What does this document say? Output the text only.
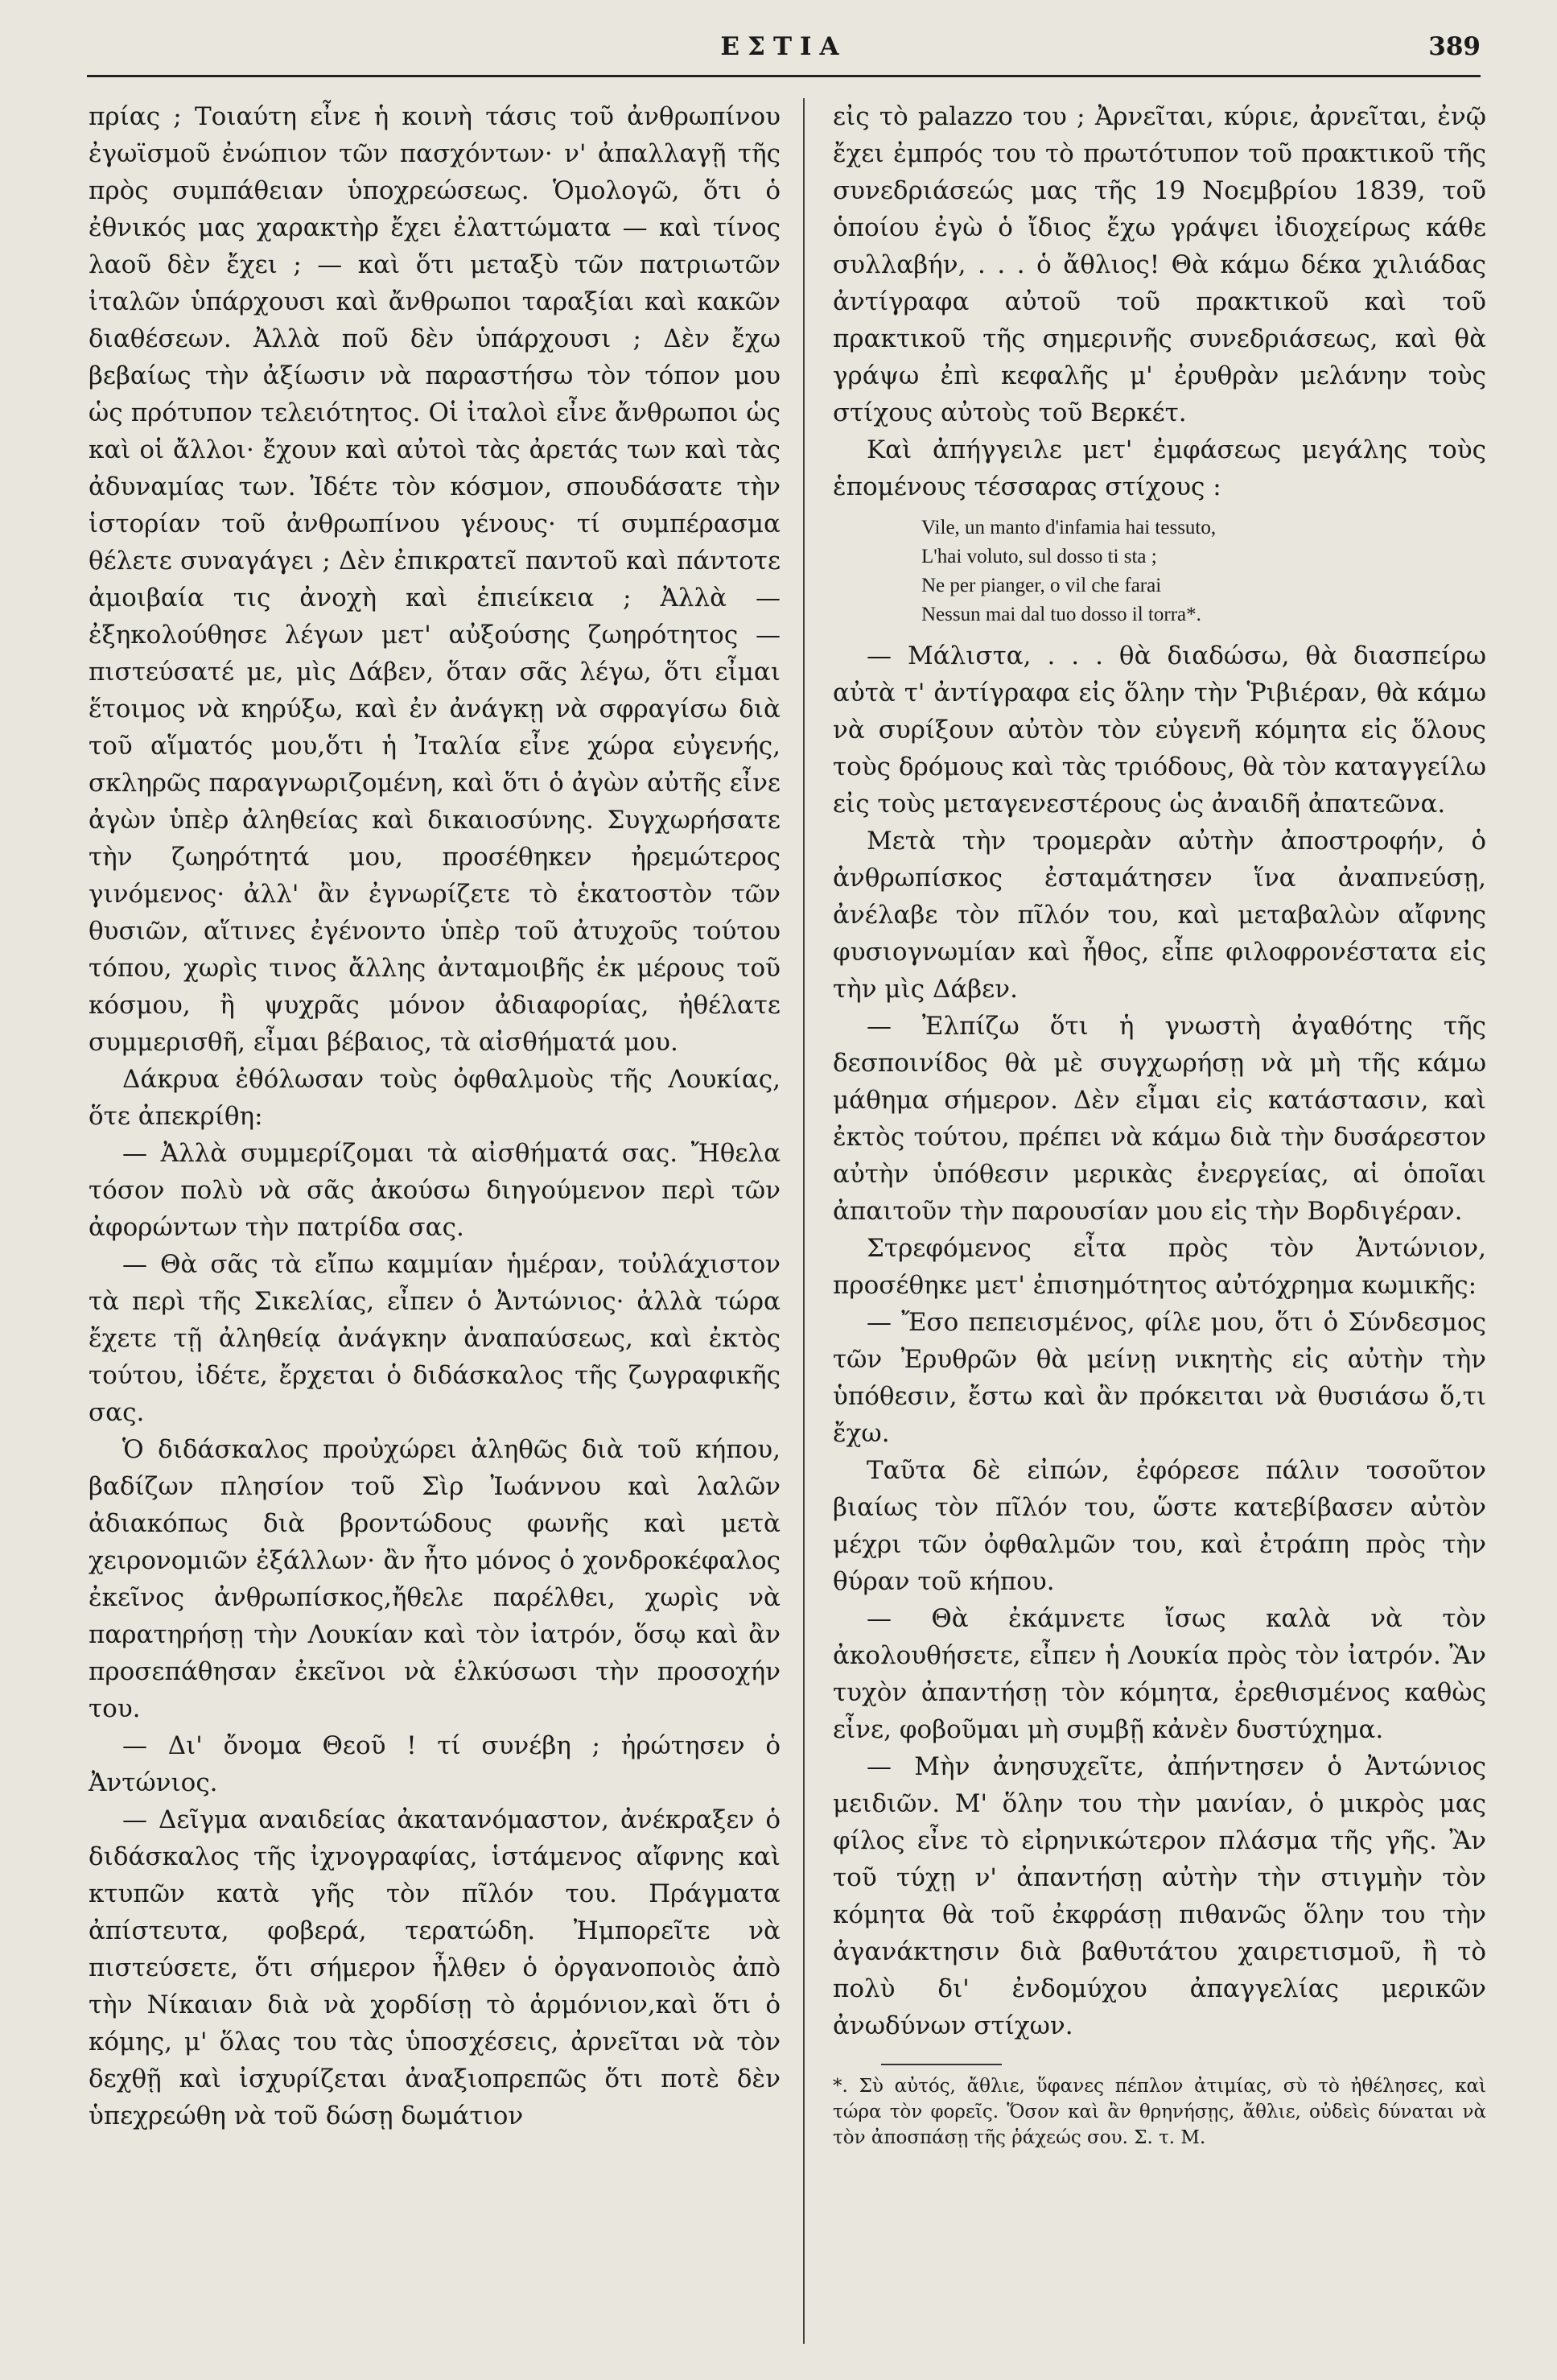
ΕΣΤΙΑ	389

πρίας ; Τοιαύτη εἶνε ἡ κοινὴ τάσις τοῦ ἀνθρωπίνου ἐγωϊσμοῦ ἐνώπιον τῶν πασχόντων· ν' ἀπαλλαγῇ τῆς πρὸς συμπάθειαν ὑποχρεώσεως. Ὁμολογῶ, ὅτι ὁ ἐθνικός μας χαρακτὴρ ἔχει ἐλαττώματα — καὶ τίνος λαοῦ δὲν ἔχει ; — καὶ ὅτι μεταξὺ τῶν πατριωτῶν ἰταλῶν ὑπάρχουσι καὶ ἄνθρωποι ταραξίαι καὶ κακῶν διαθέσεων. Ἀλλὰ ποῦ δὲν ὑπάρχουσι ; Δὲν ἔχω βεβαίως τὴν ἀξίωσιν νὰ παραστήσω τὸν τόπον μου ὡς πρότυπον τελειότητος. Οἱ ἰταλοὶ εἶνε ἄνθρωποι ὡς καὶ οἱ ἄλλοι· ἔχουν καὶ αὐτοὶ τὰς ἀρετάς των καὶ τὰς ἀδυναμίας των. Ἰδέτε τὸν κόσμον, σπουδάσατε τὴν ἱστορίαν τοῦ ἀνθρωπίνου γένους· τί συμπέρασμα θέλετε συναγάγει ; Δὲν ἐπικρατεῖ παντοῦ καὶ πάντοτε ἀμοιβαία τις ἀνοχὴ καὶ ἐπιείκεια ; Ἀλλὰ — ἐξηκολούθησε λέγων μετ' αὐξούσης ζωηρότητος — πιστεύσατέ με, μὶς Δάβεν, ὅταν σᾶς λέγω, ὅτι εἶμαι ἕτοιμος νὰ κηρύξω, καὶ ἐν ἀνάγκῃ νὰ σφραγίσω διὰ τοῦ αἵματός μου,ὅτι ἡ Ἰταλία εἶνε χώρα εὐγενής, σκληρῶς παραγνωριζομένη, καὶ ὅτι ὁ ἀγὼν αὐτῆς εἶνε ἀγὼν ὑπὲρ ἀληθείας καὶ δικαιοσύνης. Συγχωρήσατε τὴν ζωηρότητά μου, προσέθηκεν ἠρεμώτερος γινόμενος· ἀλλ' ἂν ἐγνωρίζετε τὸ ἑκατοστὸν τῶν θυσιῶν, αἵτινες ἐγένοντο ὑπὲρ τοῦ ἀτυχοῦς τούτου τόπου, χωρὶς τινος ἄλλης ἀνταμοιβῆς ἐκ μέρους τοῦ κόσμου, ἢ ψυχρᾶς μόνον ἀδιαφορίας, ἠθέλατε συμμερισθῆ, εἶμαι βέβαιος, τὰ αἰσθήματά μου.

Δάκρυα ἐθόλωσαν τοὺς ὀφθαλμοὺς τῆς Λουκίας, ὅτε ἀπεκρίθη:

— Ἀλλὰ συμμερίζομαι τὰ αἰσθήματά σας. Ἤθελα τόσον πολὺ νὰ σᾶς ἀκούσω διηγούμενον περὶ τῶν ἀφορώντων τὴν πατρίδα σας.

— Θὰ σᾶς τὰ εἴπω καμμίαν ἡμέραν, τοὐλάχιστον τὰ περὶ τῆς Σικελίας, εἶπεν ὁ Ἀντώνιος· ἀλλὰ τώρα ἔχετε τῇ ἀληθείᾳ ἀνάγκην ἀναπαύσεως, καὶ ἐκτὸς τούτου, ἰδέτε, ἔρχεται ὁ διδάσκαλος τῆς ζωγραφικῆς σας.

Ὁ διδάσκαλος προὐχώρει ἀληθῶς διὰ τοῦ κήπου, βαδίζων πλησίον τοῦ Σὶρ Ἰωάννου καὶ λαλῶν ἀδιακόπως διὰ βροντώδους φωνῆς καὶ μετὰ χειρονομιῶν ἐξάλλων· ἂν ἦτο μόνος ὁ χονδροκέφαλος ἐκεῖνος ἀνθρωπίσκος,ἤθελε παρέλθει, χωρὶς νὰ παρατηρήσῃ τὴν Λουκίαν καὶ τὸν ἰατρόν, ὅσῳ καὶ ἂν προσεπάθησαν ἐκεῖνοι νὰ ἑλκύσωσι τὴν προσοχήν του.

— Δι' ὄνομα Θεοῦ ! τί συνέβη ; ἠρώτησεν ὁ Ἀντώνιος.

— Δεῖγμα αναιδείας ἀκατανόμαστον, ἀνέκραξεν ὁ διδάσκαλος τῆς ἰχνογραφίας, ἱστάμενος αἴφνης καὶ κτυπῶν κατὰ γῆς τὸν πῖλόν του. Πράγματα ἀπίστευτα, φοβερά, τερατώδη. Ἠμπορεῖτε νὰ πιστεύσετε, ὅτι σήμερον ἦλθεν ὁ ὀργανοποιὸς ἀπὸ τὴν Νίκαιαν διὰ νὰ χορδίσῃ τὸ ἁρμόνιον,καὶ ὅτι ὁ κόμης, μ' ὅλας του τὰς ὑποσχέσεις, ἀρνεῖται νὰ τὸν δεχθῇ καὶ ἰσχυρίζεται ἀναξιοπρεπῶς ὅτι ποτὲ δὲν ὑπεχρεώθη νὰ τοῦ δώσῃ δωμάτιον

εἰς τὸ palazzo του ; Ἀρνεῖται, κύριε, ἀρνεῖται, ἐνῷ ἔχει ἐμπρός του τὸ πρωτότυπον τοῦ πρακτικοῦ τῆς συνεδριάσεώς μας τῆς 19 Νοεμβρίου 1839, τοῦ ὁποίου ἐγὼ ὁ ἴδιος ἔχω γράψει ἰδιοχείρως κάθε συλλαβήν, . . . ὁ ἄθλιος! Θὰ κάμω δέκα χιλιάδας ἀντίγραφα αὐτοῦ τοῦ πρακτικοῦ καὶ τοῦ πρακτικοῦ τῆς σημερινῆς συνεδριάσεως, καὶ θὰ γράψω ἐπὶ κεφαλῆς μ' ἐρυθρὰν μελάνην τοὺς στίχους αὐτοὺς τοῦ Βερκέτ.

Καὶ ἀπήγγειλε μετ' ἐμφάσεως μεγάλης τοὺς ἑπομένους τέσσαρας στίχους :

Vile, un manto d'infamia hai tessuto,
L'hai voluto, sul dosso ti sta ;
Ne per pianger, o vil che farai
Nessun mai dal tuo dosso il torra*.

— Μάλιστα, . . . θὰ διαδώσω, θὰ διασπείρω αὐτὰ τ' ἀντίγραφα εἰς ὅλην τὴν Ῥιβιέραν, θὰ κάμω νὰ συρίξουν αὐτὸν τὸν εὐγενῆ κόμητα εἰς ὅλους τοὺς δρόμους καὶ τὰς τριόδους, θὰ τὸν καταγγείλω εἰς τοὺς μεταγενεστέρους ὡς ἀναιδῆ ἀπατεῶνα.

Μετὰ τὴν τρομερὰν αὐτὴν ἀποστροφήν, ὁ ἀνθρωπίσκος ἐσταμάτησεν ἵνα ἀναπνεύσῃ, ἀνέλαβε τὸν πῖλόν του, καὶ μεταβαλὼν αἴφνης φυσιογνωμίαν καὶ ἦθος, εἶπε φιλοφρονέστατα εἰς τὴν μὶς Δάβεν.

— Ἐλπίζω ὅτι ἡ γνωστὴ ἀγαθότης τῆς δεσποινίδος θὰ μὲ συγχωρήσῃ νὰ μὴ τῆς κάμω μάθημα σήμερον. Δὲν εἶμαι εἰς κατάστασιν, καὶ ἐκτὸς τούτου, πρέπει νὰ κάμω διὰ τὴν δυσάρεστον αὐτὴν ὑπόθεσιν μερικὰς ἐνεργείας, αἱ ὁποῖαι ἀπαιτοῦν τὴν παρουσίαν μου εἰς τὴν Βορδιγέραν.

Στρεφόμενος εἶτα πρὸς τὸν Ἀντώνιον, προσέθηκε μετ' ἐπισημότητος αὐτόχρημα κωμικῆς:

— Ἔσο πεπεισμένος, φίλε μου, ὅτι ὁ Σύνδεσμος τῶν Ἐρυθρῶν θὰ μείνῃ νικητὴς εἰς αὐτὴν τὴν ὑπόθεσιν, ἔστω καὶ ἂν πρόκειται νὰ θυσιάσω ὅ,τι ἔχω.

Ταῦτα δὲ εἰπών, ἐφόρεσε πάλιν τοσοῦτον βιαίως τὸν πῖλόν του, ὥστε κατεβίβασεν αὐτὸν μέχρι τῶν ὀφθαλμῶν του, καὶ ἐτράπη πρὸς τὴν θύραν τοῦ κήπου.

— Θὰ ἐκάμνετε ἴσως καλὰ νὰ τὸν ἀκολουθήσετε, εἶπεν ἡ Λουκία πρὸς τὸν ἰατρόν. Ἂν τυχὸν ἀπαντήσῃ τὸν κόμητα, ἐρεθισμένος καθὼς εἶνε, φοβοῦμαι μὴ συμβῇ κἀνὲν δυστύχημα.

— Μὴν ἀνησυχεῖτε, ἀπήντησεν ὁ Ἀντώνιος μειδιῶν. Μ' ὅλην του τὴν μανίαν, ὁ μικρὸς μας φίλος εἶνε τὸ εἰρηνικώτερον πλάσμα τῆς γῆς. Ἂν τοῦ τύχῃ ν' ἀπαντήσῃ αὐτὴν τὴν στιγμὴν τὸν κόμητα θὰ τοῦ ἐκφράσῃ πιθανῶς ὅλην του τὴν ἀγανάκτησιν διὰ βαθυτάτου χαιρετισμοῦ, ἢ τὸ πολὺ δι' ἐνδομύχου ἀπαγγελίας μερικῶν ἀνωδύνων στίχων.

*. Σὺ αὐτός, ἄθλιε, ὕφανες πέπλον ἀτιμίας, σὺ τὸ ἠθέλησες, καὶ τώρα τὸν φορεῖς. Ὅσον καὶ ἂν θρηνήσῃς, ἄθλιε, οὐδεὶς δύναται νὰ τὸν ἀποσπάσῃ τῆς ῥάχεώς σου. Σ. τ. Μ.
